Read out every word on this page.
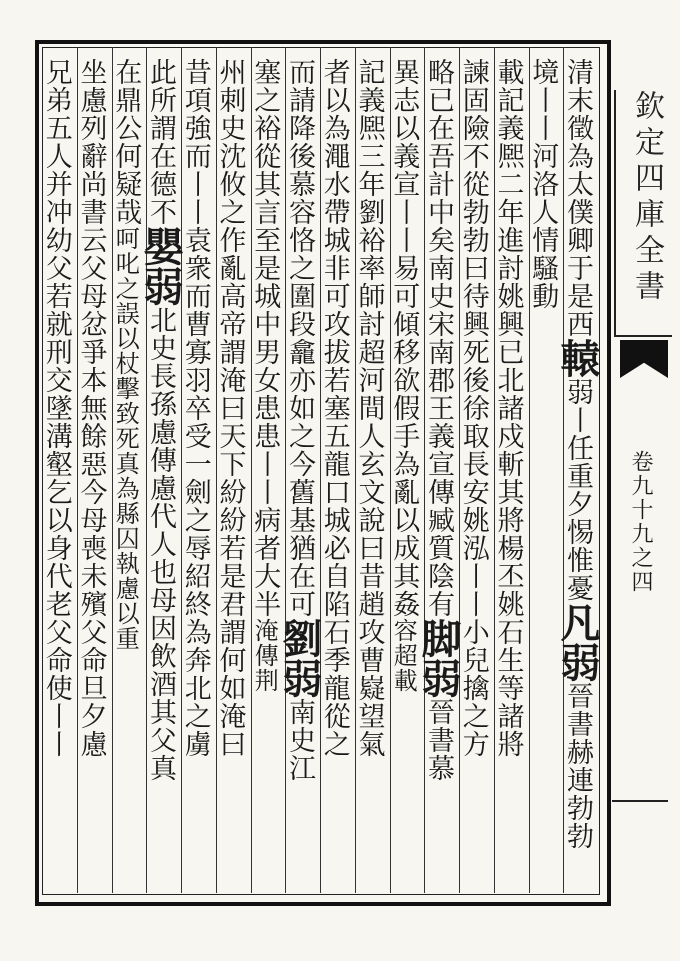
清末徵為太僕卿于是西轅弱丨任重夕惕惟憂凡弱晉書赫連勃勃
境丨丨河洛人情騷動
載記義熈二年進討姚興已北諸戍斬其將楊丕姚石生等諸將
諫固險不從勃勃曰待興死後徐取長安姚泓丨丨小兒擒之方
略已在吾計中矣南史宋南郡王義宣傳臧質陰有脚弱晉書慕
異志以義宣丨丨易可傾移欲假手為亂以成其姦容超載
記義熈三年劉裕率師討超河間人玄文說曰昔趙攻曹嶷望氣
者以為澠水帶城非可攻拔若塞五龍口城必自陷石季龍從之
而請降後慕容恪之圍段龕亦如之今舊基猶在可劉弱南史江
塞之裕從其言至是城中男女患患丨丨病者大半淹傳荆
州刺史沈攸之作亂高帝謂淹曰天下紛紛若是君謂何如淹曰
昔項強而丨丨袁衆而曹寡羽卒受一劍之辱紹終為奔北之虜
此所謂在德不嬰弱北史長孫慮傳慮代人也母因飲酒其父真
在鼎公何疑哉呵叱之誤以杖擊致死真為縣囚執慮以重
坐慮列辭尚書云父母忿爭本無餘惡今母喪未殯父命旦夕慮
兄弟五人并冲幼父若就刑交墜溝壑乞以身代老父命使丨丨	欽定四庫全書
卷九十九之四
